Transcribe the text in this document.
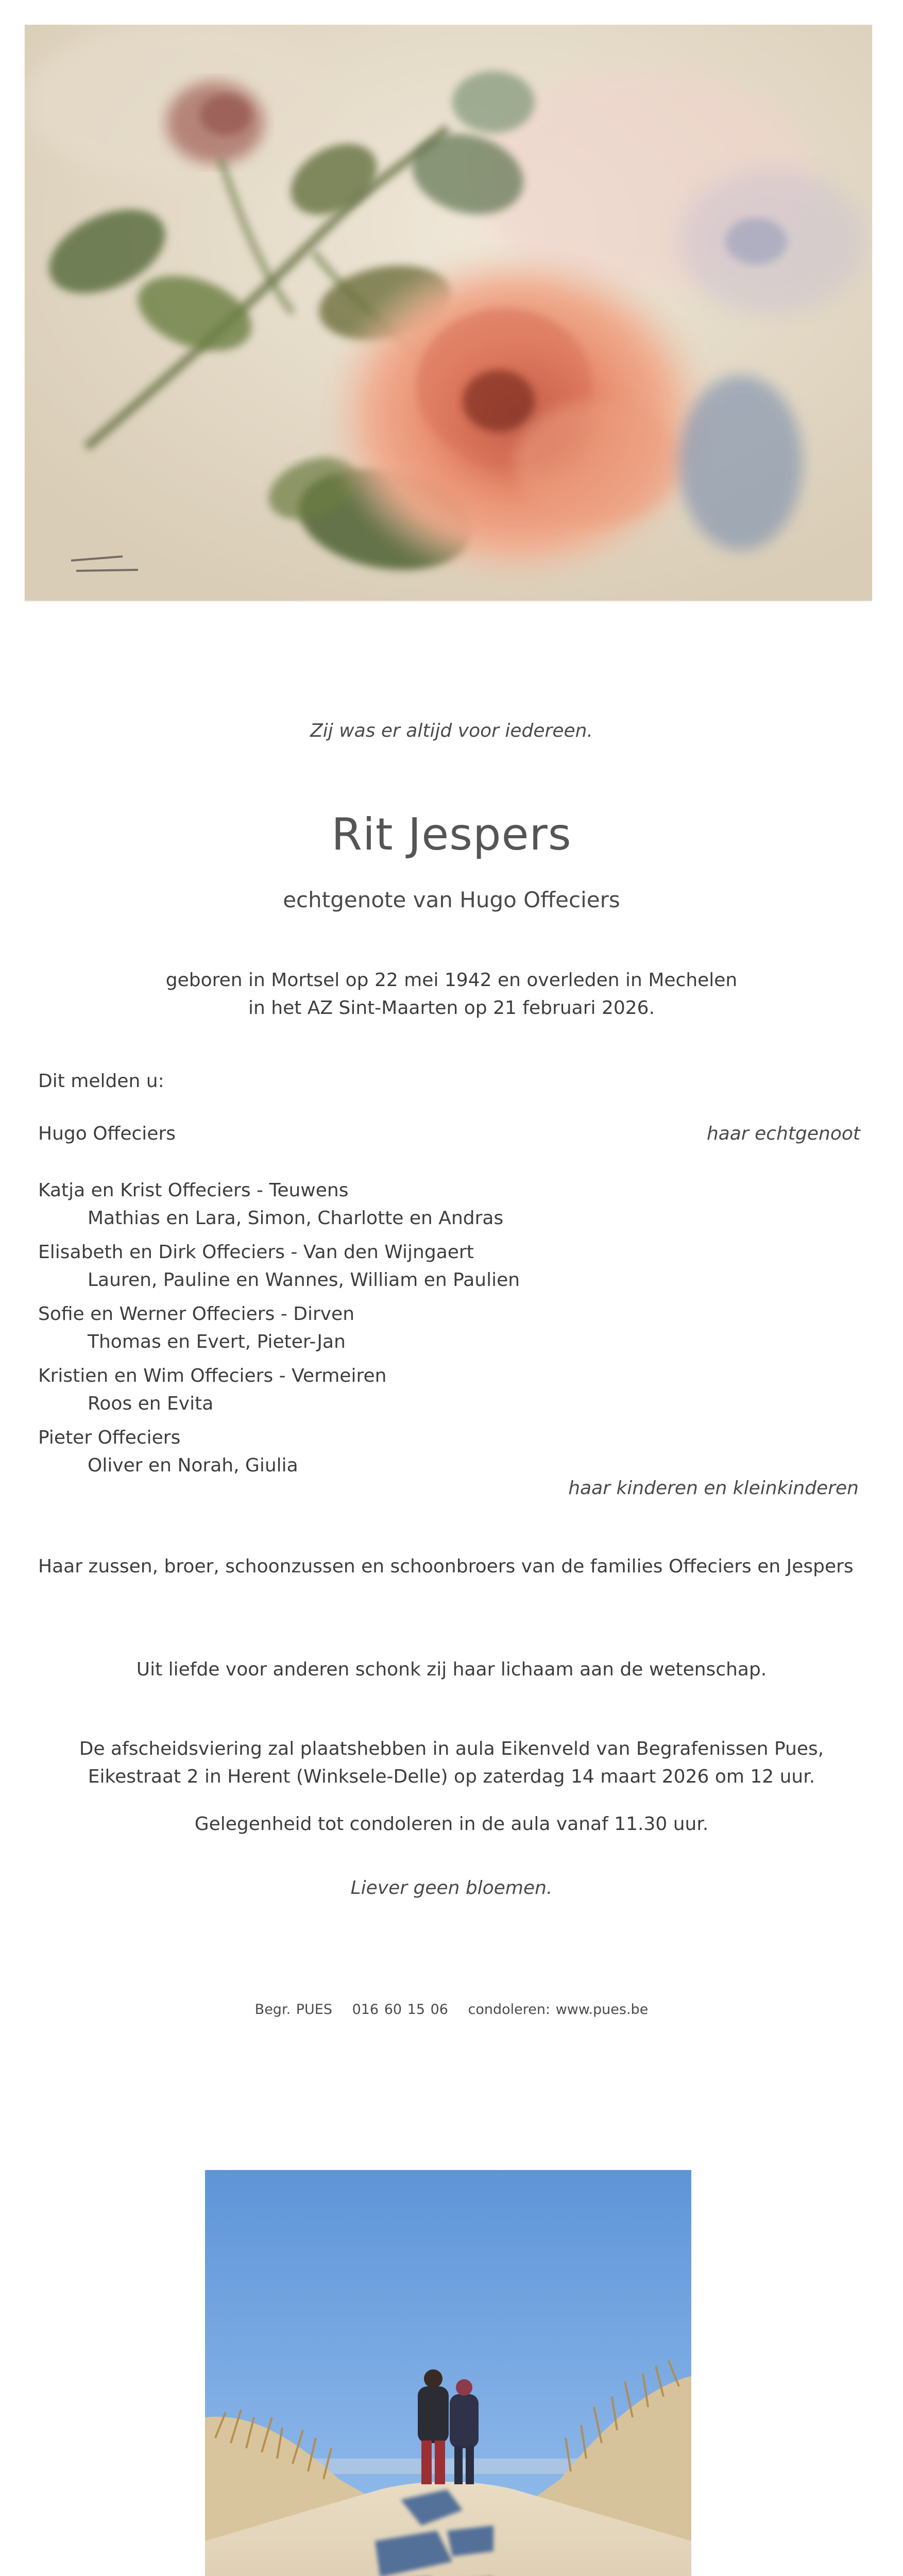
Zij was er altijd voor iedereen.
Rit Jespers
echtgenote van Hugo Offeciers
geboren in Mortsel op 22 mei 1942 en overleden in Mechelen
in het AZ Sint-Maarten op 21 februari 2026.
Dit melden u:
Hugo Offeciers	haar echtgenoot

Katja en Krist Offeciers - Teuwens

Mathias en Lara, Simon, Charlotte en Andras

Elisabeth en Dirk Offeciers - Van den Wijngaert

Lauren, Pauline en Wannes, William en Paulien

Sofie en Werner Offeciers - Dirven

Thomas en Evert, Pieter-Jan

Kristien en Wim Offeciers - Vermeiren

Roos en Evita

Pieter Offeciers

Oliver en Norah, Giulia

haar kinderen en kleinkinderen
Haar zussen, broer, schoonzussen en schoonbroers van de families Offeciers en Jespers
Uit liefde voor anderen schonk zij haar lichaam aan de wetenschap.
De afscheidsviering zal plaatshebben in aula Eikenveld van Begrafenissen Pues,
Eikestraat 2 in Herent (Winksele-Delle) op zaterdag 14 maart 2026 om 12 uur.
Gelegenheid tot condoleren in de aula vanaf 11.30 uur.
Liever geen bloemen.
Begr. PUES 016 60 15 06 condoleren: www.pues.be
